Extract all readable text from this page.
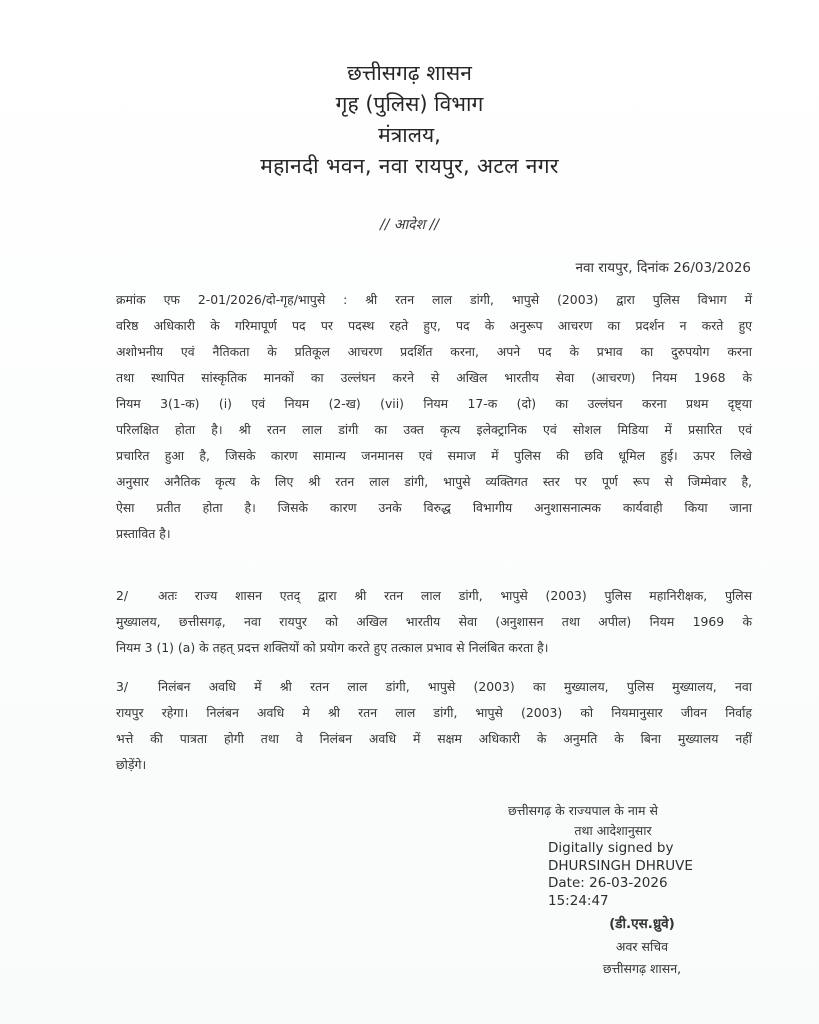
छत्तीसगढ़ शासन
गृह (पुलिस) विभाग
मंत्रालय,
महानदी भवन, नवा रायपुर, अटल नगर
// आदेश //
नवा रायपुर, दिनांक 26/03/2026
क्रमांक एफ 2-01/2026/दो-गृह/भापुसे : श्री रतन लाल डांगी, भापुसे (2003) द्वारा पुलिस विभाग में
वरिष्ठ अधिकारी के गरिमापूर्ण पद पर पदस्थ रहते हुए, पद के अनुरूप आचरण का प्रदर्शन न करते हुए
अशोभनीय एवं नैतिकता के प्रतिकूल आचरण प्रदर्शित करना, अपने पद के प्रभाव का दुरुपयोग करना
तथा स्थापित सांस्कृतिक मानकों का उल्लंघन करने से अखिल भारतीय सेवा (आचरण) नियम 1968 के
नियम 3(1-क) (i) एवं नियम (2-ख) (vii) नियम 17-क (दो) का उल्लंघन करना प्रथम दृष्ट्या
परिलक्षित होता है। श्री रतन लाल डांगी का उक्त कृत्य इलेक्ट्रानिक एवं सोशल मिडिया में प्रसारित एवं
प्रचारित हुआ है, जिसके कारण सामान्य जनमानस एवं समाज में पुलिस की छवि धूमिल हुई। ऊपर लिखे
अनुसार अनैतिक कृत्य के लिए श्री रतन लाल डांगी, भापुसे व्यक्तिगत स्तर पर पूर्ण रूप से जिम्मेवार है,
ऐसा प्रतीत होता है। जिसके कारण उनके विरुद्ध विभागीय अनुशासनात्मक कार्यवाही किया जाना
प्रस्तावित है।
2/ अतः राज्य शासन एतद् द्वारा श्री रतन लाल डांगी, भापुसे (2003) पुलिस महानिरीक्षक, पुलिस
मुख्यालय, छत्तीसगढ़, नवा रायपुर को अखिल भारतीय सेवा (अनुशासन तथा अपील) नियम 1969 के
नियम 3 (1) (a) के तहत् प्रदत्त शक्तियों को प्रयोग करते हुए तत्काल प्रभाव से निलंबित करता है।
3/ निलंबन अवधि में श्री रतन लाल डांगी, भापुसे (2003) का मुख्यालय, पुलिस मुख्यालय, नवा
रायपुर रहेगा। निलंबन अवधि मे श्री रतन लाल डांगी, भापुसे (2003) को नियमानुसार जीवन निर्वाह
भत्ते की पात्रता होगी तथा वे निलंबन अवधि में सक्षम अधिकारी के अनुमति के बिना मुख्यालय नहीं
छोड़ेंगे।
छत्तीसगढ़ के राज्यपाल के नाम से
तथा आदेशानुसार
Digitally signed by
DHURSINGH DHRUVE
Date: 26-03-2026
15:24:47
(डी.एस.ध्रुवे)
अवर सचिव
छत्तीसगढ़ शासन,
